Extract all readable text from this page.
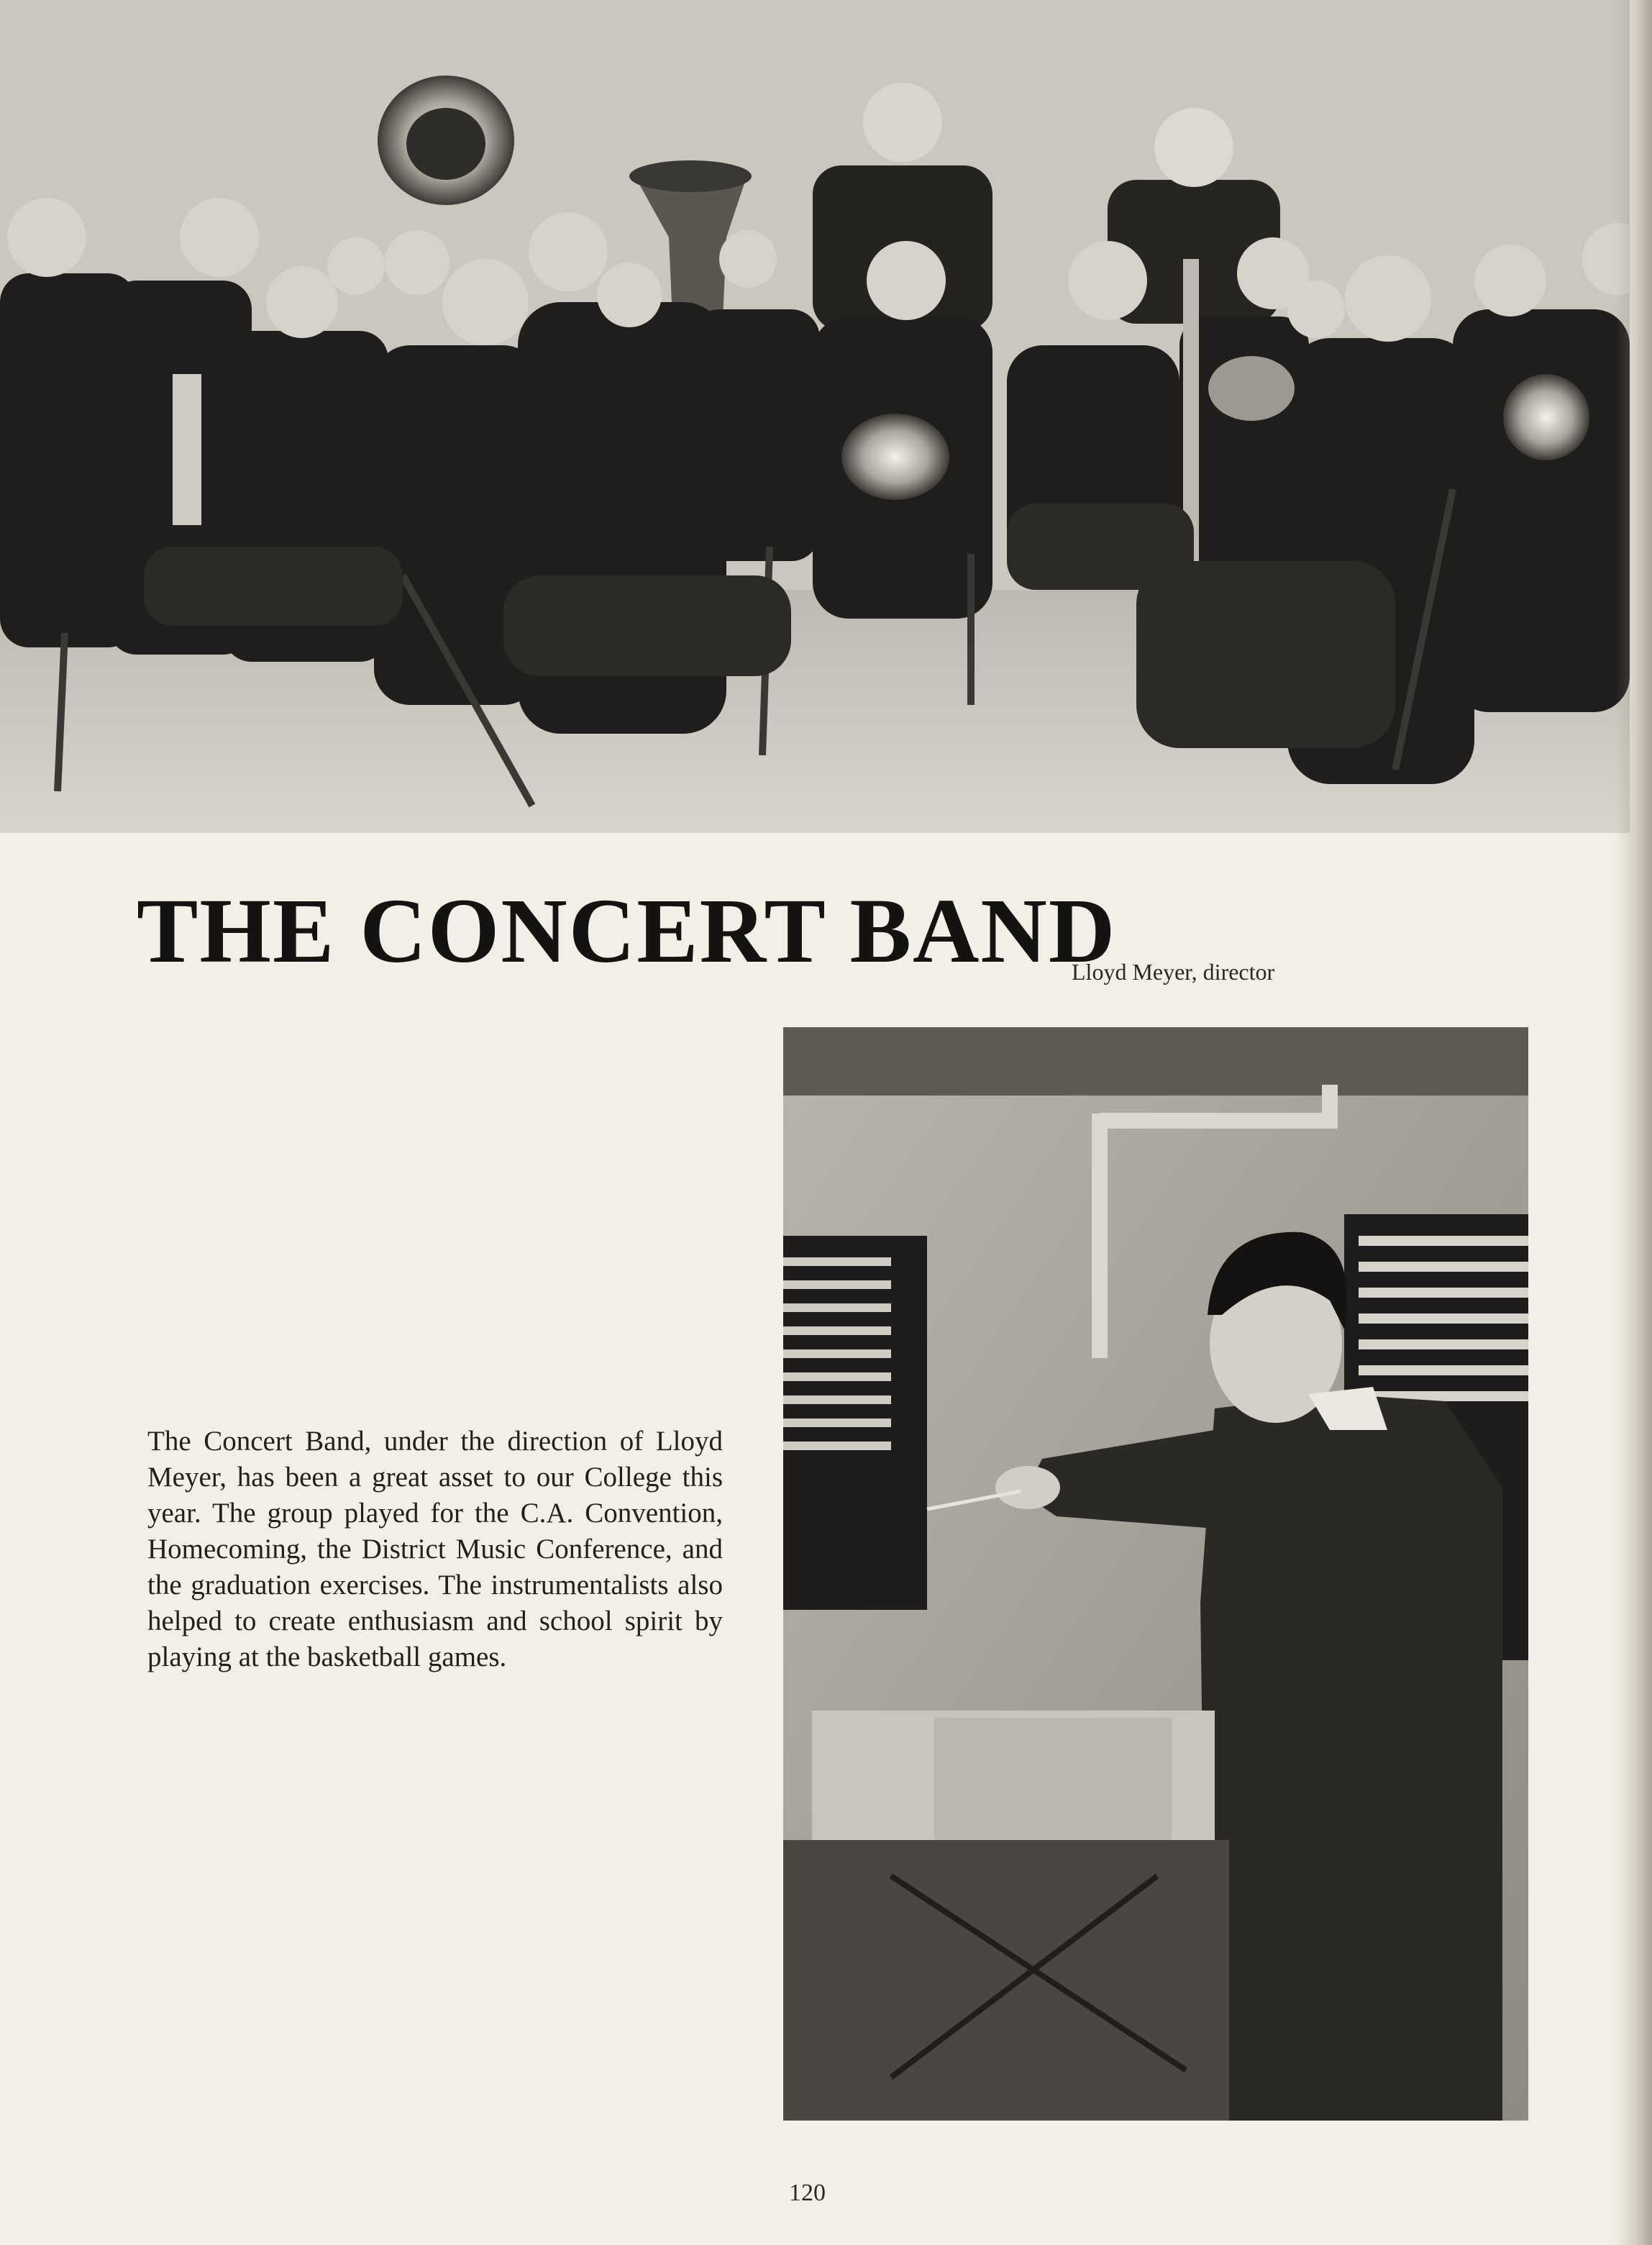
THE CONCERT BAND
Lloyd Meyer, director

The Concert Band, under the direction of Lloyd Meyer, has been a great asset to our College this year. The group played for the C.A. Convention, Homecoming, the District Music Conference, and the graduation exercises. The instrumentalists also helped to create enthusiasm and school spirit by playing at the basketball games.

120
